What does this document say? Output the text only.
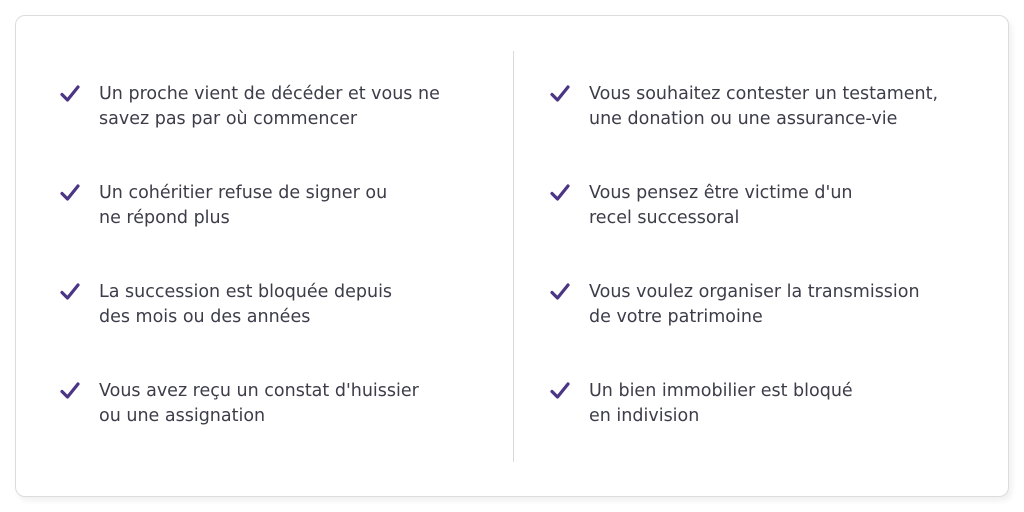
Un proche vient de décéder et vous ne
savez pas par où commencer
Un cohéritier refuse de signer ou
ne répond plus
La succession est bloquée depuis
des mois ou des années
Vous avez reçu un constat d'huissier
ou une assignation
Vous souhaitez contester un testament,
une donation ou une assurance-vie
Vous pensez être victime d'un
recel successoral
Vous voulez organiser la transmission
de votre patrimoine
Un bien immobilier est bloqué
en indivision
